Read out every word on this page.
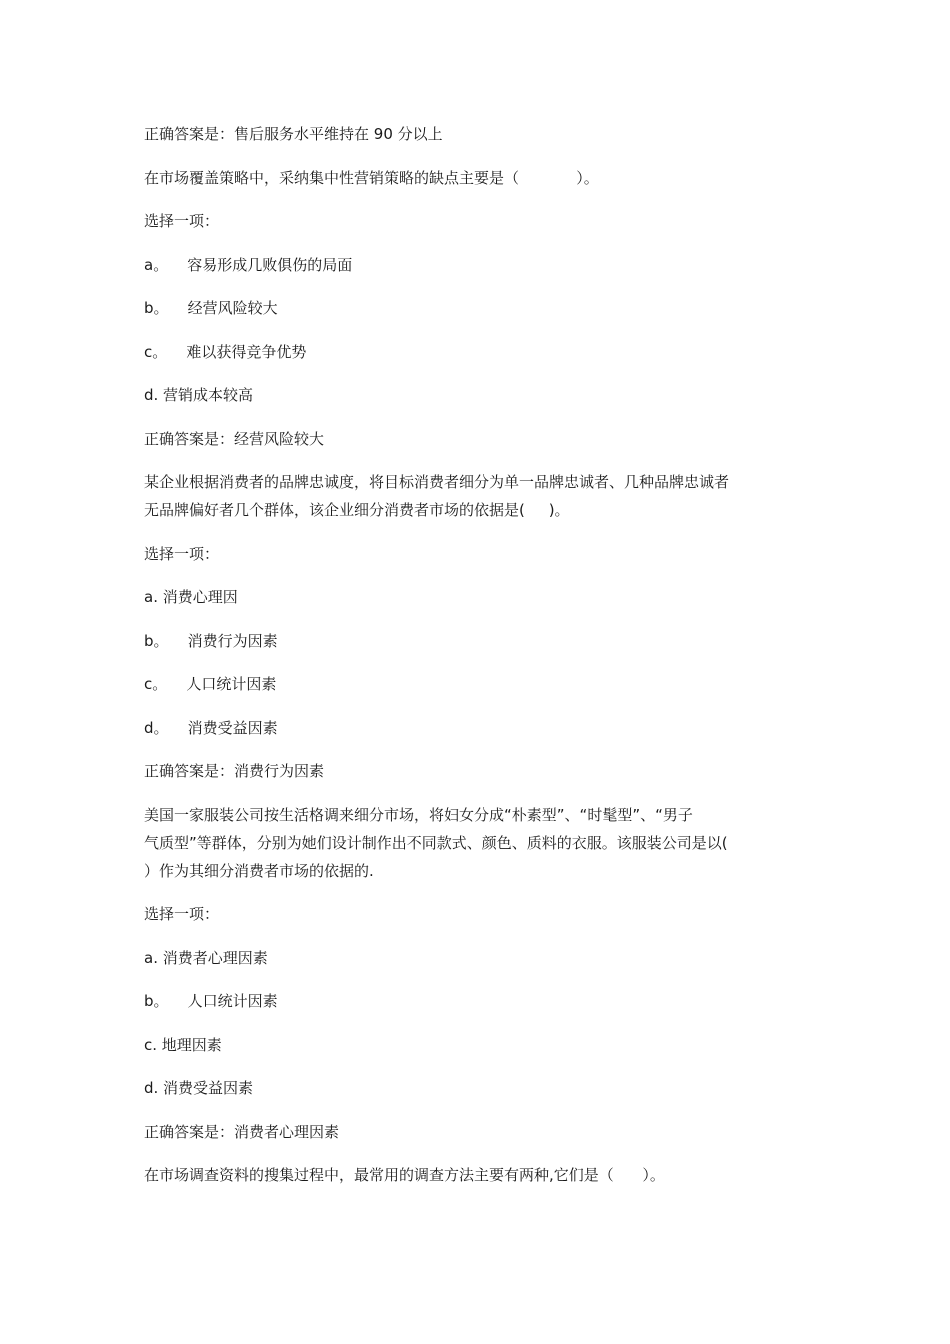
正确答案是：售后服务水平维持在 90 分以上

在市场覆盖策略中，采纳集中性营销策略的缺点主要是（            ）。

选择一项：

a。    容易形成几败俱伤的局面

b。    经营风险较大

c。    难以获得竞争优势

d. 营销成本较高

正确答案是：经营风险较大

某企业根据消费者的品牌忠诚度，将目标消费者细分为单一品牌忠诚者、几种品牌忠诚者

无品牌偏好者几个群体，该企业细分消费者市场的依据是(     )。

选择一项：

a. 消费心理因

b。    消费行为因素

c。    人口统计因素

d。    消费受益因素

正确答案是：消费行为因素

美国一家服装公司按生活格调来细分市场，将妇女分成“朴素型”、“时髦型”、“男子

气质型”等群体，分别为她们设计制作出不同款式、颜色、质料的衣服。该服装公司是以(

）作为其细分消费者市场的依据的.

选择一项：

a. 消费者心理因素

b。    人口统计因素

c. 地理因素

d. 消费受益因素

正确答案是：消费者心理因素

在市场调查资料的搜集过程中，最常用的调查方法主要有两种,它们是（      ）。
